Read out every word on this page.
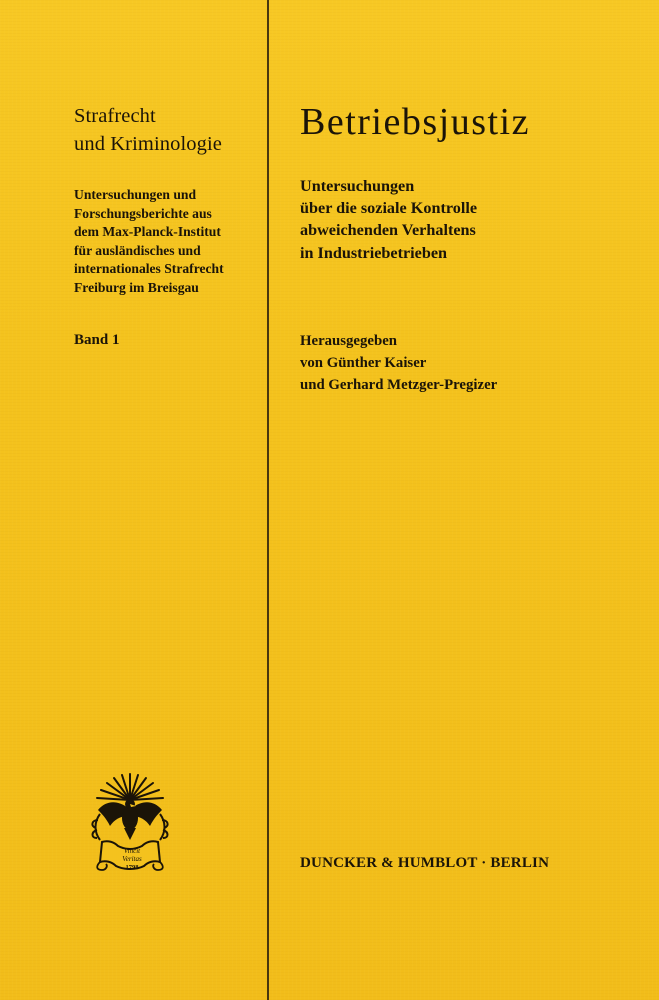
Strafrecht
und Kriminologie
Untersuchungen und
Forschungsberichte aus
dem Max-Planck-Institut
für ausländisches und
internationales Strafrecht
Freiburg im Breisgau
Band 1
Betriebsjustiz
Untersuchungen
über die soziale Kontrolle
abweichenden Verhaltens
in Industriebetrieben
Herausgegeben
von Günther Kaiser
und Gerhard Metzger-Pregizer
Vincit
Veritas
1798	DUNCKER & HUMBLOT · BERLIN
